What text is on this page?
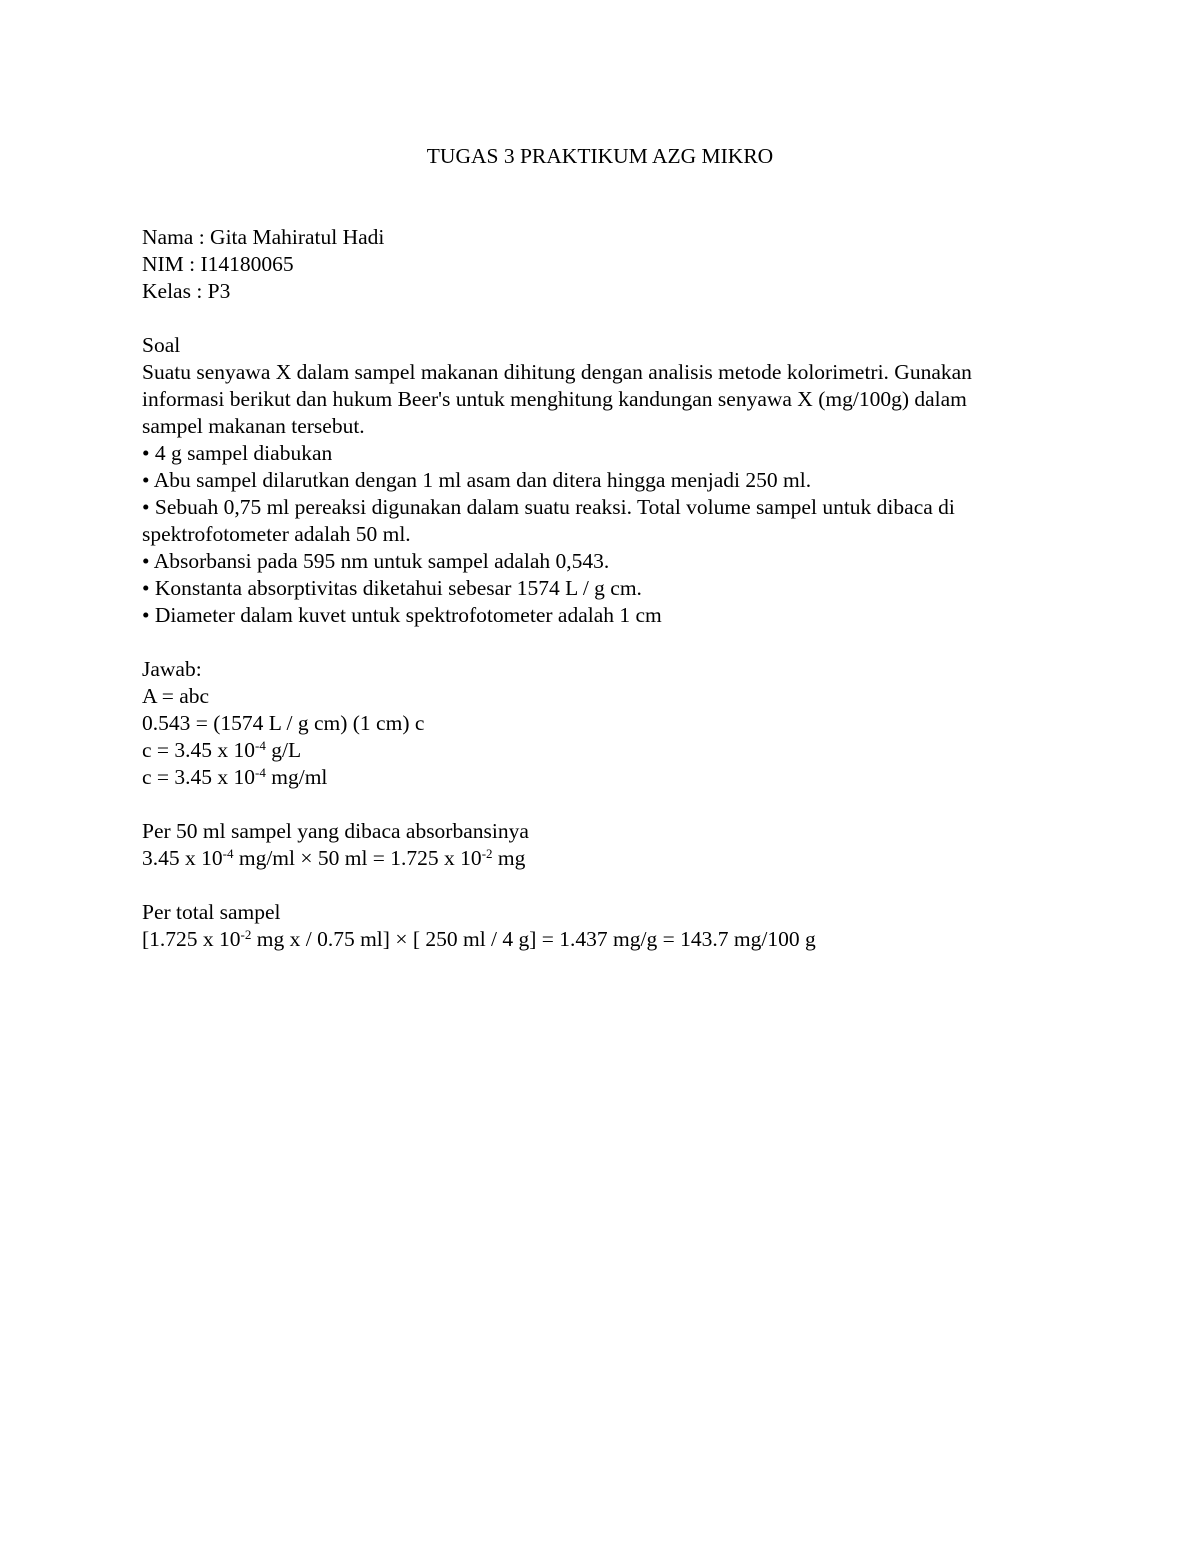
TUGAS 3 PRAKTIKUM AZG MIKRO
Nama : Gita Mahiratul Hadi
NIM : I14180065
Kelas : P3
Soal
Suatu senyawa X dalam sampel makanan dihitung dengan analisis metode kolorimetri. Gunakan
informasi berikut dan hukum Beer's untuk menghitung kandungan senyawa X (mg/100g) dalam
sampel makanan tersebut.
• 4 g sampel diabukan
• Abu sampel dilarutkan dengan 1 ml asam dan ditera hingga menjadi 250 ml.
• Sebuah 0,75 ml pereaksi digunakan dalam suatu reaksi. Total volume sampel untuk dibaca di
spektrofotometer adalah 50 ml.
• Absorbansi pada 595 nm untuk sampel adalah 0,543.
• Konstanta absorptivitas diketahui sebesar 1574 L / g cm.
• Diameter dalam kuvet untuk spektrofotometer adalah 1 cm
Jawab:
A = abc
0.543 = (1574 L / g cm) (1 cm) c
c = 3.45 x $10^{-4}$ g/L
c = 3.45 x $10^{-4}$ mg/ml
Per 50 ml sampel yang dibaca absorbansinya
3.45 x $10^{-4}$ mg/ml × 50 ml = 1.725 x $10^{-2}$ mg
Per total sampel
[1.725 x $10^{-2}$ mg x / 0.75 ml] × [ 250 ml / 4 g] = 1.437 mg/g = 143.7 mg/100 g
